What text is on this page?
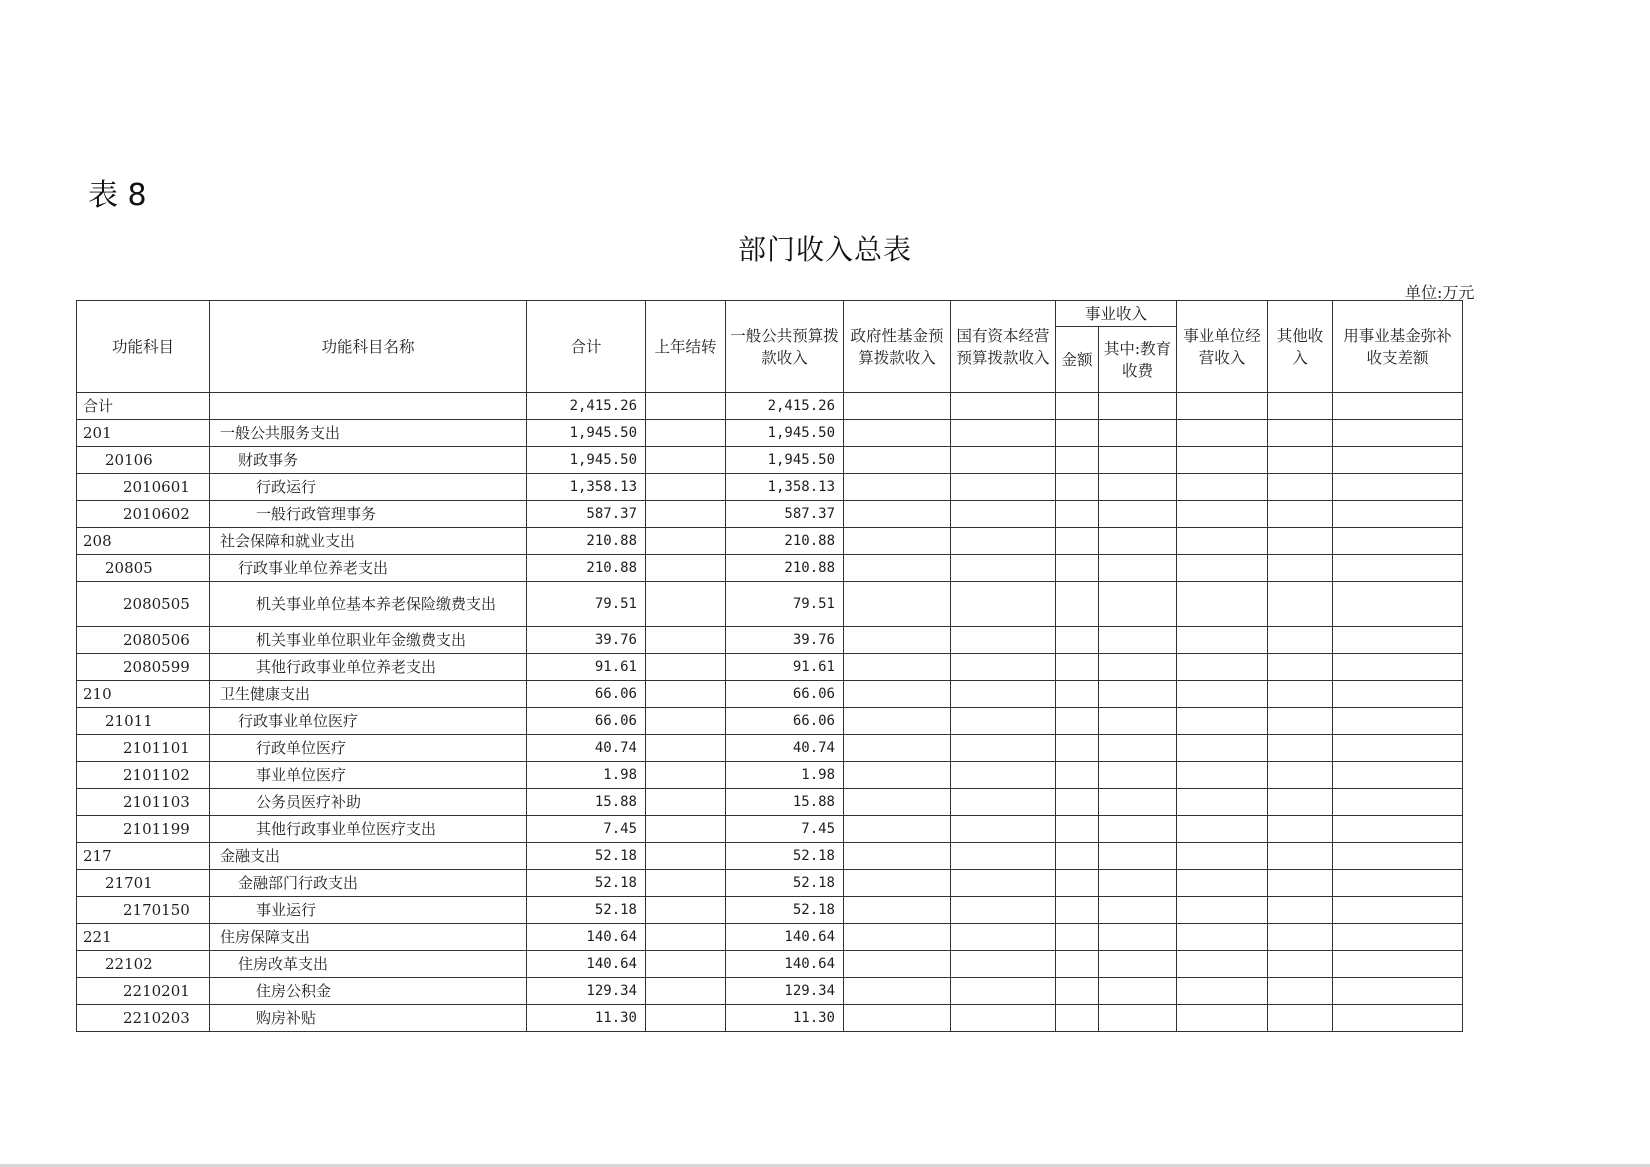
表 8
部门收入总表
单位:万元
功能科目	功能科目名称	合计	上年结转	一般公共预算拨款收入	政府性基金预算拨款收入	国有资本经营预算拨款收入	事业收入		事业单位经营收入	其他收入	用事业基金弥补收支差额
							金额	其中:教育收费			
合计		2,415.26		2,415.26							
201	一般公共服务支出	1,945.50		1,945.50							
20106	财政事务	1,945.50		1,945.50							
2010601	行政运行	1,358.13		1,358.13							
2010602	一般行政管理事务	587.37		587.37							
208	社会保障和就业支出	210.88		210.88							
20805	行政事业单位养老支出	210.88		210.88							
2080505	机关事业单位基本养老保险缴费支出	79.51		79.51							
2080506	机关事业单位职业年金缴费支出	39.76		39.76							
2080599	其他行政事业单位养老支出	91.61		91.61							
210	卫生健康支出	66.06		66.06							
21011	行政事业单位医疗	66.06		66.06							
2101101	行政单位医疗	40.74		40.74							
2101102	事业单位医疗	1.98		1.98							
2101103	公务员医疗补助	15.88		15.88							
2101199	其他行政事业单位医疗支出	7.45		7.45							
217	金融支出	52.18		52.18							
21701	金融部门行政支出	52.18		52.18							
2170150	事业运行	52.18		52.18							
221	住房保障支出	140.64		140.64							
22102	住房改革支出	140.64		140.64							
2210201	住房公积金	129.34		129.34							
2210203	购房补贴	11.30		11.30							
